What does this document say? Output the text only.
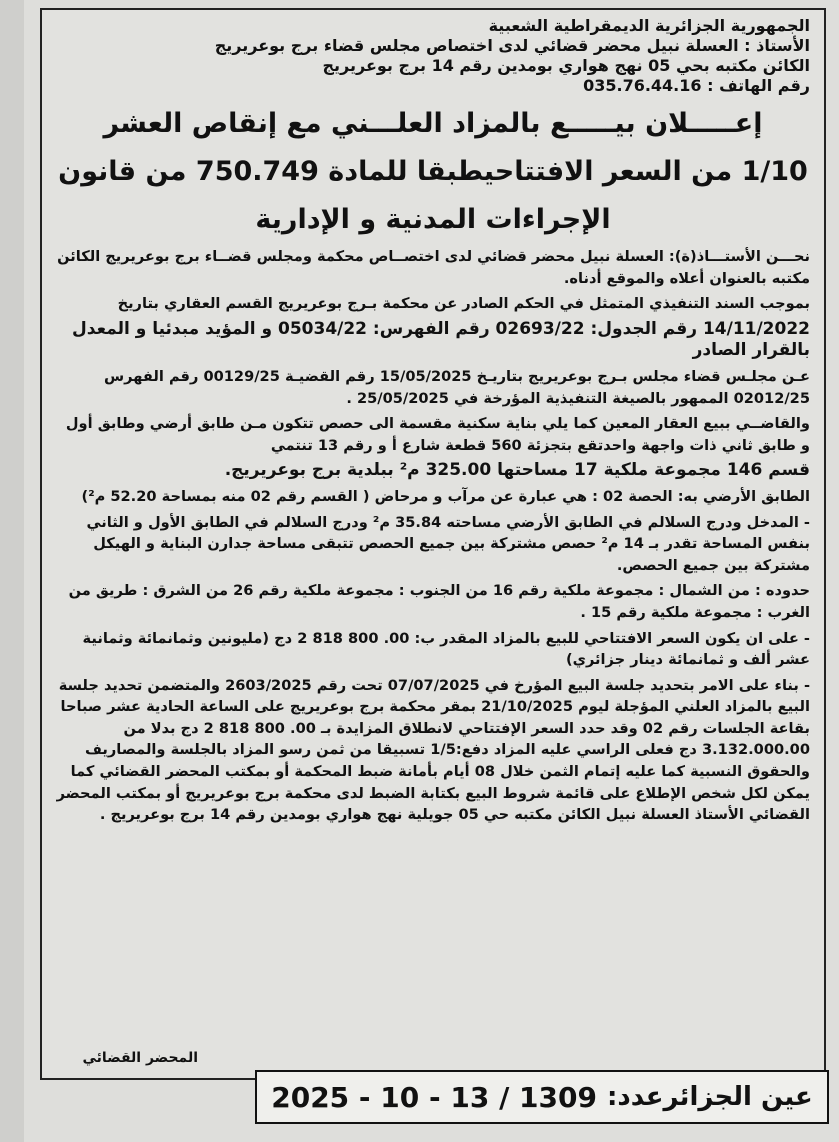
الجمهورية الجزائرية الديمقراطية الشعبية
الأستاذ : العسلة نبيل محضر قضائي لدى اختصاص مجلس قضاء برج بوعريريج
الكائن مكتبه بحي 05 نهج هواري بومدين رقم 14 برج بوعريريج
رقم الهاتف : 035.76.44.16
إعـــــلان بيـــــع بالمزاد العلـــني مع إنقاص العشر
1/10 من السعر الافتتاحيطبقا للمادة 750.749 من قانون
الإجراءات المدنية و الإدارية

نحـــن الأستـــاذ(ة): العسلة نبيل محضر قضائي لدى اختصــاص محكمة ومجلس قضــاء برج بوعريريج الكائن مكتبه بالعنوان أعلاه والموقع أدناه.

بموجب السند التنفيذي المتمثل في الحكم الصادر عن محكمة بـرج بوعريريج القسم العقاري بتاريخ

14/11/2022 رقم الجدول: 02693/22 رقم الفهرس: 05034/22 و المؤيد مبدئيا و المعدل بالقرار الصادر

عـن مجلـس قضاء مجلس بـرج بوعريريج بتاريـخ 15/05/2025 رقم القضيـة 00129/25 رقم الفهرس 02012/25 الممهور بالصيغة التنفيذية المؤرخة في 25/05/2025 .

والقاضــي ببيع العقار المعين كما يلي بناية سكنية مقسمة الى حصص تتكون مـن طابق أرضي وطابق أول و طابق ثاني ذات واجهة واحدتقع بتجزئة 560 قطعة شارع أ و رقم 13 تنتمي

قسم 146 مجموعة ملكية 17 مساحتها 325.00 م² ببلدية برج بوعريريج.

الطابق الأرضي به: الحصة 02 : هي عبارة عن مرآب و مرحاض ( القسم رقم 02 منه بمساحة 52.20 م²)

- المدخل ودرج السلالم في الطابق الأرضي مساحته 35.84 م² ودرج السلالم في الطابق الأول و الثاني بنفس المساحة تقدر بـ 14 م² حصص مشتركة بين جميع الحصص تتبقى مساحة جدارن البناية و الهيكل مشتركة بين جميع الحصص.

حدوده : من الشمال : مجموعة ملكية رقم 16 من الجنوب : مجموعة ملكية رقم 26 من الشرق : طريق من الغرب : مجموعة ملكية رقم 15 .

- على ان يكون السعر الافتتاحي للبيع بالمزاد المقدر ب: 00. 800 818 2 دج (مليونين وثمانمائة وثمانية عشر ألف و ثمانمائة دينار جزائري)

- بناء على الامر بتحديد جلسة البيع المؤرخ في 07/07/2025 تحت رقم 2603/2025 والمتضمن تحديد جلسة البيع بالمزاد العلني المؤجلة ليوم 21/10/2025 بمقر محكمة برج بوعريريج على الساعة الحادية عشر صباحا بقاعة الجلسات رقم 02 وقد حدد السعر الإفتتاحي لانطلاق المزايدة بـ 00. 800 818 2 دج بدلا من 3.132.000.00 دج فعلى الراسي عليه المزاد دفع:1/5 تسبيقا من ثمن رسو المزاد بالجلسة والمصاريف والحقوق النسبية كما عليه إتمام الثمن خلال 08 أيام بأمانة ضبط المحكمة أو بمكتب المحضر القضائي كما يمكن لكل شخص الإطلاع على قائمة شروط البيع بكتابة الضبط لدى محكمة برج بوعريريج أو بمكتب المحضر القضائي الأستاذ العسلة نبيل الكائن مكتبه حي 05 جويلية نهج هواري بومدين رقم 14 برج بوعريريج .

المحضر القضائي
عين الجزائرعدد:
2025 - 10 - 13 / 1309
